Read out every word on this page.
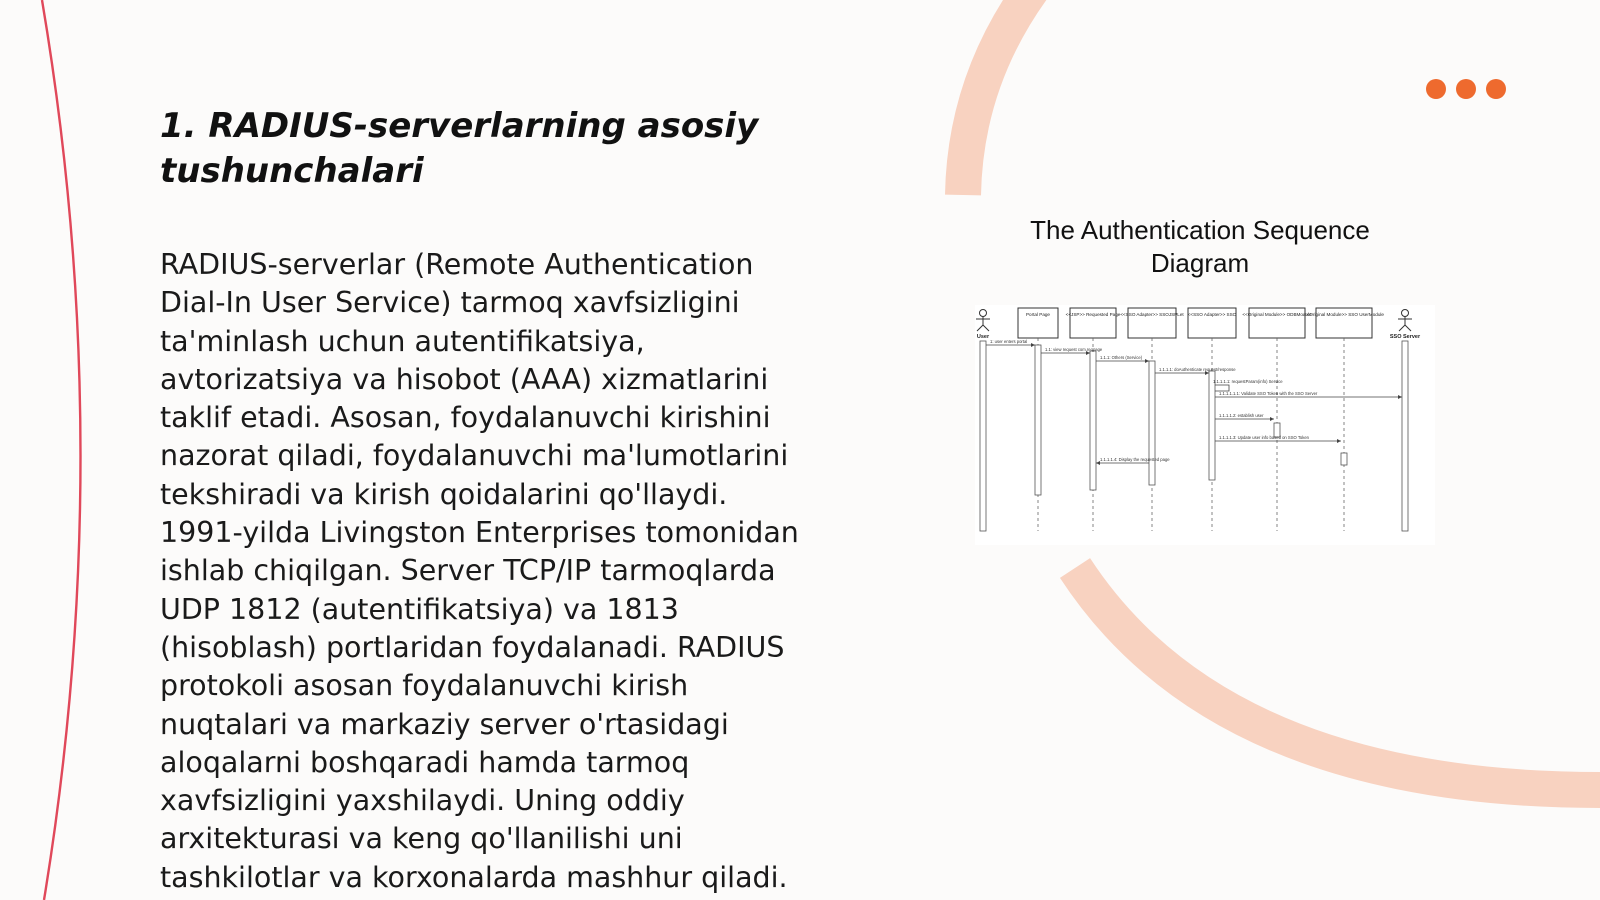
1. RADIUS-serverlarning asosiy tushunchalari

RADIUS-serverlar (Remote Authentication
Dial-In User Service) tarmoq xavfsizligini
ta'minlash uchun autentifikatsiya,
avtorizatsiya va hisobot (AAA) xizmatlarini
taklif etadi. Asosan, foydalanuvchi kirishini
nazorat qiladi, foydalanuvchi ma'lumotlarini
tekshiradi va kirish qoidalarini qo'llaydi.
1991-yilda Livingston Enterprises tomonidan
ishlab chiqilgan. Server TCP/IP tarmoqlarda
UDP 1812 (autentifikatsiya) va 1813
(hisoblash) portlaridan foydalanadi. RADIUS
protokoli asosan foydalanuvchi kirish
nuqtalari va markaziy server o'rtasidagi
aloqalarni boshqaradi hamda tarmoq
xavfsizligini yaxshilaydi. Uning oddiy
arxitekturasi va keng qo'llanilishi uni
tashkilotlar va korxonalarda mashhur qiladi.

The Authentication Sequence Diagram
User
Portal Page	<<JSP>> Requested Page <<SSO Adapter>> SSOJSPLet <<SSO Adapter>> SSO <<Original Module>> ODBModule
<<Original Module>> SSO UserModule
SSO Server
1: user enters portal
1.1: view request com.reqpage
1.1.1: Others (Service)
1.1.1.1: doAuthenticate request/response
1.1.1.1.1: requestParam(info) Service
1.1.1.1.1.1: Validate SSO Token with the SSO Server
1.1.1.1.2: establish user
1.1.1.1.3: Update user info based on SSO Token
1.1.1.1.4: Display the requested page
